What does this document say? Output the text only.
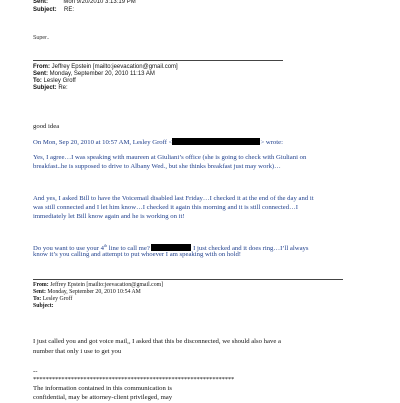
Sent:	Mon 9/20/2010 3:13:19 PM
Subject: RE:
Super..
From: Jeffrey Epstein [mailto:jeevacation@gmail.com]
Sent: Monday, September 20, 2010 11:13 AM
To: Lesley Groff
Subject: Re:
good idea
On Mon, Sep 20, 2010 at 10:57 AM, Lesley Groff <	> wrote:
Yes, I agree…I was speaking with maureen at Giuliani’s office (she is going to check with Giuliani on
breakfast..he is supposed to drive to Albany Wed., but she thinks breakfast just may work)…
And yes, I asked Bill to have the Voicemail disabled last Friday…I checked it at the end of the day and it
was still connected and I let him know…I checked it again this morning and it is still connected…I
immediately let Bill know again and he is working on it!
Do you want to use your 4th line to call me?	I just checked and it does ring…I’ll always
know it’s you calling and attempt to put whoever I am speaking with on hold!
From: Jeffrey Epstein [mailto:jeevacation@gmail.com]
Sent: Monday, September 20, 2010 10:54 AM
To: Lesley Groff
Subject:
I just called you and got voice mail,, I asked that this be disconnected, we should also have a
number that only i use to get you
--
****************************************************************
The information contained in this communication is
confidential, may be attorney-client privileged, may
